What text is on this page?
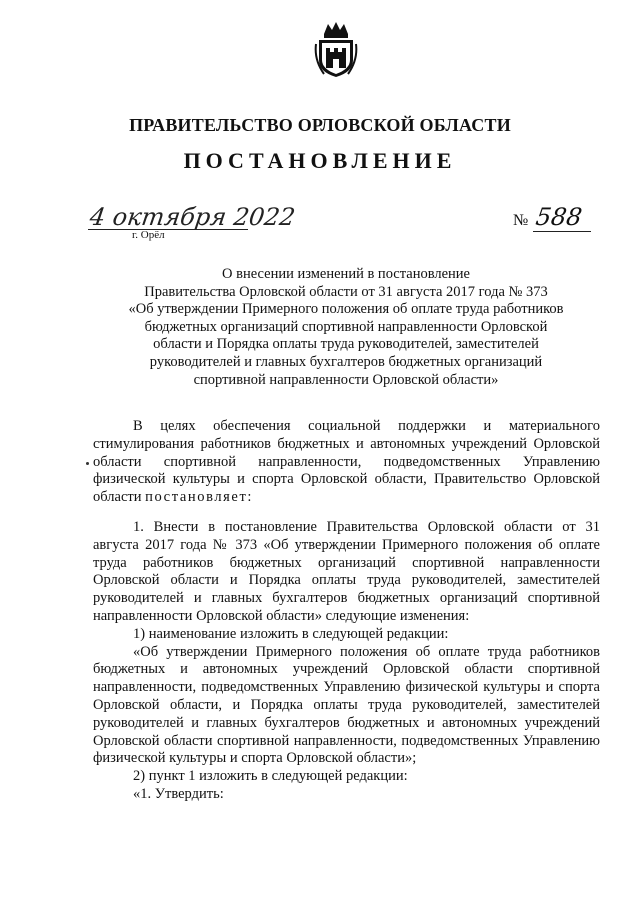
ПРАВИТЕЛЬСТВО ОРЛОВСКОЙ ОБЛАСТИ
ПОСТАНОВЛЕНИЕ
4 октября 2022
г. Орёл
№ 588
О внесении изменений в постановление
Правительства Орловской области от 31 августа 2017 года № 373
«Об утверждении Примерного положения об оплате труда работников
бюджетных организаций спортивной направленности Орловской
области и Порядка оплаты труда руководителей, заместителей
руководителей и главных бухгалтеров бюджетных организаций
спортивной направленности Орловской области»

В целях обеспечения социальной поддержки и материального стимулирования работников бюджетных и автономных учреждений Орловской области спортивной направленности, подведомственных Управлению физической культуры и спорта Орловской области, Правительство Орловской области постановляет:

1. Внести в постановление Правительства Орловской области от 31 августа 2017 года № 373 «Об утверждении Примерного положения об оплате труда работников бюджетных организаций спортивной направленности Орловской области и Порядка оплаты труда руководителей, заместителей руководителей и главных бухгалтеров бюджетных организаций спортивной направленности Орловской области» следующие изменения:

1) наименование изложить в следующей редакции:

«Об утверждении Примерного положения об оплате труда работников бюджетных и автономных учреждений Орловской области спортивной направленности, подведомственных Управлению физической культуры и спорта Орловской области, и Порядка оплаты труда руководителей, заместителей руководителей и главных бухгалтеров бюджетных и автономных учреждений Орловской области спортивной направленности, подведомственных Управлению физической культуры и спорта Орловской области»;

2) пункт 1 изложить в следующей редакции:

«1. Утвердить:
